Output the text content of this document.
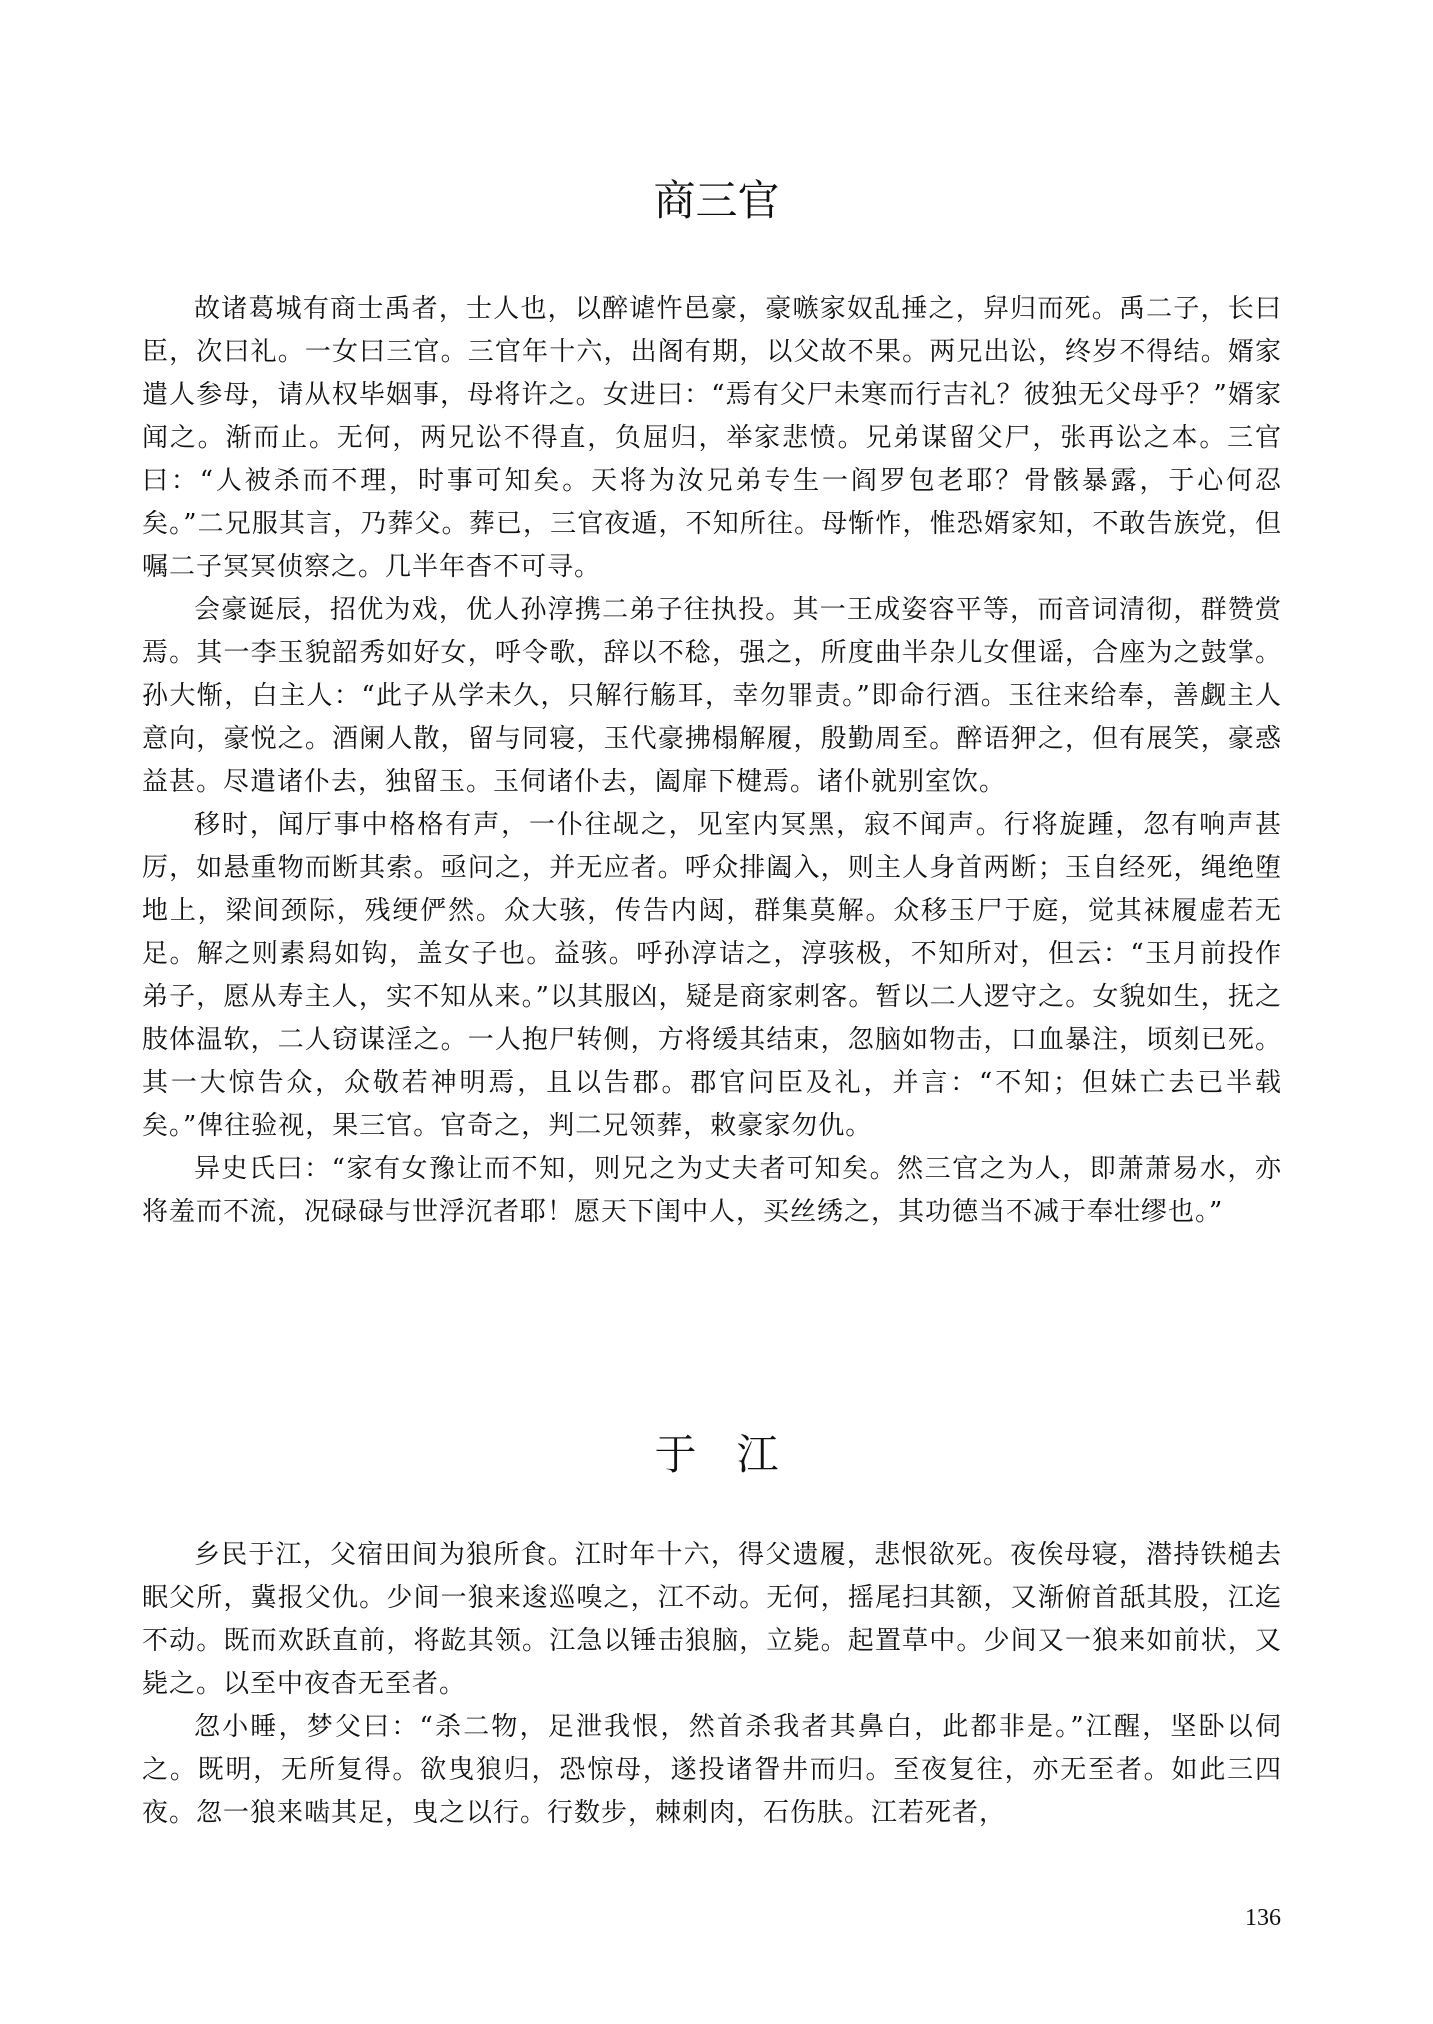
商三官

故诸葛城有商士禹者，士人也，以醉谑忤邑豪，豪嗾家奴乱捶之，舁归而死。禹二子，长曰臣，次曰礼。一女曰三官。三官年十六，出阁有期，以父故不果。两兄出讼，终岁不得结。婿家遣人参母，请从权毕姻事，母将许之。女进曰：“焉有父尸未寒而行吉礼？彼独无父母乎？”婿家闻之。渐而止。无何，两兄讼不得直，负屈归，举家悲愤。兄弟谋留父尸，张再讼之本。三官曰：“人被杀而不理，时事可知矣。天将为汝兄弟专生一阎罗包老耶？骨骸暴露，于心何忍矣。”二兄服其言，乃葬父。葬已，三官夜遁，不知所往。母惭怍，惟恐婿家知，不敢告族党，但嘱二子冥冥侦察之。几半年杳不可寻。

会豪诞辰，招优为戏，优人孙淳携二弟子往执投。其一王成姿容平等，而音词清彻，群赞赏焉。其一李玉貌韶秀如好女，呼令歌，辞以不稔，强之，所度曲半杂儿女俚谣，合座为之鼓掌。孙大惭，白主人：“此子从学未久，只解行觞耳，幸勿罪责。”即命行酒。玉往来给奉，善觑主人意向，豪悦之。酒阑人散，留与同寝，玉代豪拂榻解履，殷勤周至。醉语狎之，但有展笑，豪惑益甚。尽遣诸仆去，独留玉。玉伺诸仆去，阖扉下楗焉。诸仆就别室饮。

移时，闻厅事中格格有声，一仆往觇之，见室内冥黑，寂不闻声。行将旋踵，忽有响声甚厉，如悬重物而断其索。亟问之，并无应者。呼众排阖入，则主人身首两断；玉自经死，绳绝堕地上，梁间颈际，残绠俨然。众大骇，传告内闼，群集莫解。众移玉尸于庭，觉其袜履虚若无足。解之则素舄如钩，盖女子也。益骇。呼孙淳诘之，淳骇极，不知所对，但云：“玉月前投作弟子，愿从寿主人，实不知从来。”以其服凶，疑是商家刺客。暂以二人逻守之。女貌如生，抚之肢体温软，二人窃谋淫之。一人抱尸转侧，方将缓其结束，忽脑如物击，口血暴注，顷刻已死。其一大惊告众，众敬若神明焉，且以告郡。郡官问臣及礼，并言：“不知；但妹亡去已半载矣。”俾往验视，果三官。官奇之，判二兄领葬，敕豪家勿仇。

异史氏曰：“家有女豫让而不知，则兄之为丈夫者可知矣。然三官之为人，即萧萧易水，亦将羞而不流，况碌碌与世浮沉者耶！愿天下闺中人，买丝绣之，其功德当不减于奉壮缪也。”

于江

乡民于江，父宿田间为狼所食。江时年十六，得父遗履，悲恨欲死。夜俟母寝，潜持铁槌去眠父所，冀报父仇。少间一狼来逡巡嗅之，江不动。无何，摇尾扫其额，又渐俯首舐其股，江迄不动。既而欢跃直前，将龁其领。江急以锤击狼脑，立毙。起置草中。少间又一狼来如前状，又毙之。以至中夜杳无至者。

忽小睡，梦父曰：“杀二物，足泄我恨，然首杀我者其鼻白，此都非是。”江醒，坚卧以伺之。既明，无所复得。欲曳狼归，恐惊母，遂投诸眢井而归。至夜复往，亦无至者。如此三四夜。忽一狼来啮其足，曳之以行。行数步，棘刺肉，石伤肤。江若死者，

136
